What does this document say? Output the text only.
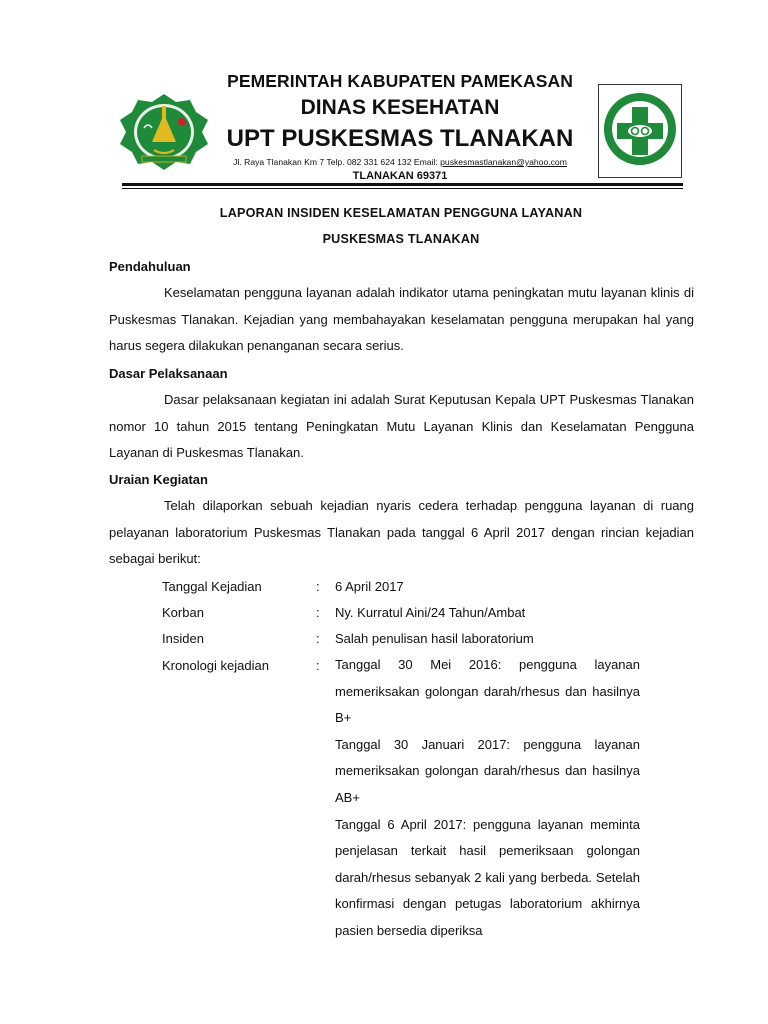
PEMERINTAH KABUPATEN PAMEKASAN
DINAS KESEHATAN
UPT PUSKESMAS TLANAKAN
Jl. Raya Tlanakan Km 7 Telp. 082 331 624 132 Email: puskesmastlanakan@yahoo.com
TLANAKAN 69371
LAPORAN INSIDEN KESELAMATAN PENGGUNA LAYANAN
PUSKESMAS TLANAKAN
Pendahuluan
Keselamatan pengguna layanan adalah indikator utama peningkatan mutu layanan klinis di Puskesmas Tlanakan. Kejadian yang membahayakan keselamatan pengguna merupakan hal yang harus segera dilakukan penanganan secara serius.
Dasar Pelaksanaan
Dasar pelaksanaan kegiatan ini adalah Surat Keputusan Kepala UPT Puskesmas Tlanakan nomor 10 tahun 2015 tentang Peningkatan Mutu Layanan Klinis dan Keselamatan Pengguna Layanan di Puskesmas Tlanakan.
Uraian Kegiatan
Telah dilaporkan sebuah kejadian nyaris cedera terhadap pengguna layanan di ruang pelayanan laboratorium Puskesmas Tlanakan pada tanggal 6 April 2017 dengan rincian kejadian sebagai berikut:
Tanggal Kejadian	: 6 April 2017
Korban	: Ny. Kurratul Aini/24 Tahun/Ambat
Insiden	: Salah penulisan hasil laboratorium
Kronologi kejadian	: Tanggal 30 Mei 2016: pengguna layanan memeriksakan golongan darah/rhesus dan hasilnya B+

Tanggal 30 Januari 2017: pengguna layanan memeriksakan golongan darah/rhesus dan hasilnya AB+

Tanggal 6 April 2017: pengguna layanan meminta penjelasan terkait hasil pemeriksaan golongan darah/rhesus sebanyak 2 kali yang berbeda. Setelah konfirmasi dengan petugas laboratorium akhirnya pasien bersedia diperiksa
